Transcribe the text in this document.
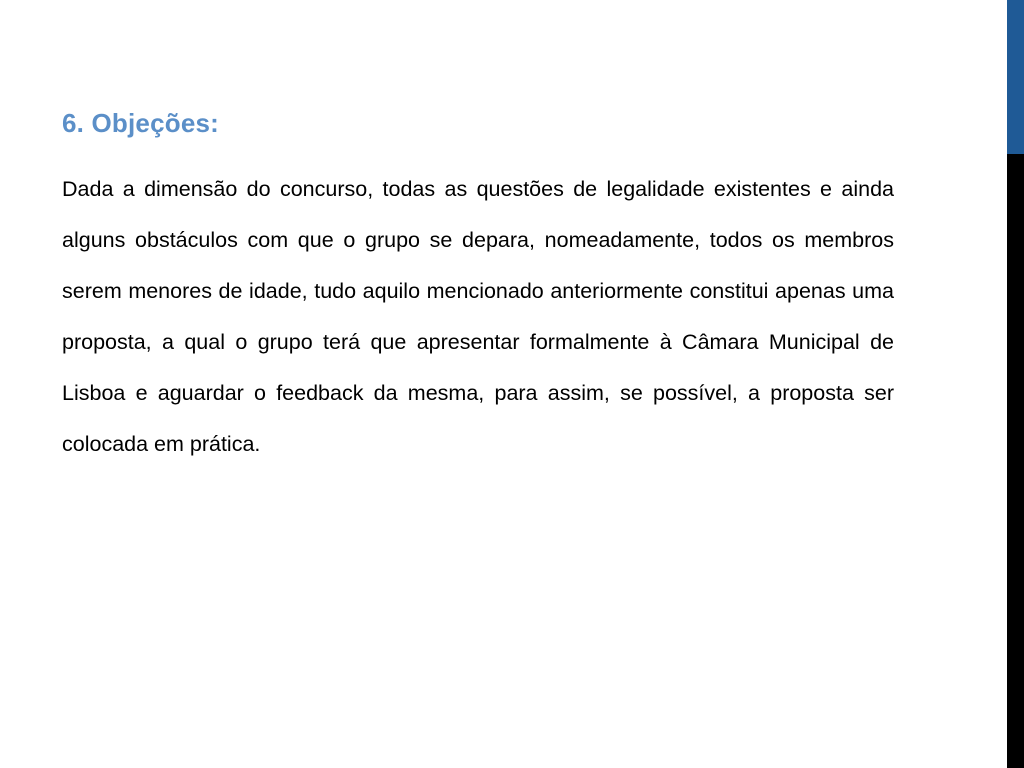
6. Objeções:

Dada a dimensão do concurso, todas as questões de legalidade existentes e ainda alguns obstáculos com que o grupo se depara, nomeadamente, todos os membros serem menores de idade, tudo aquilo mencionado anteriormente constitui apenas uma proposta, a qual o grupo terá que apresentar formalmente à Câmara Municipal de Lisboa e aguardar o feedback da mesma, para assim, se possível, a proposta ser colocada em prática.
